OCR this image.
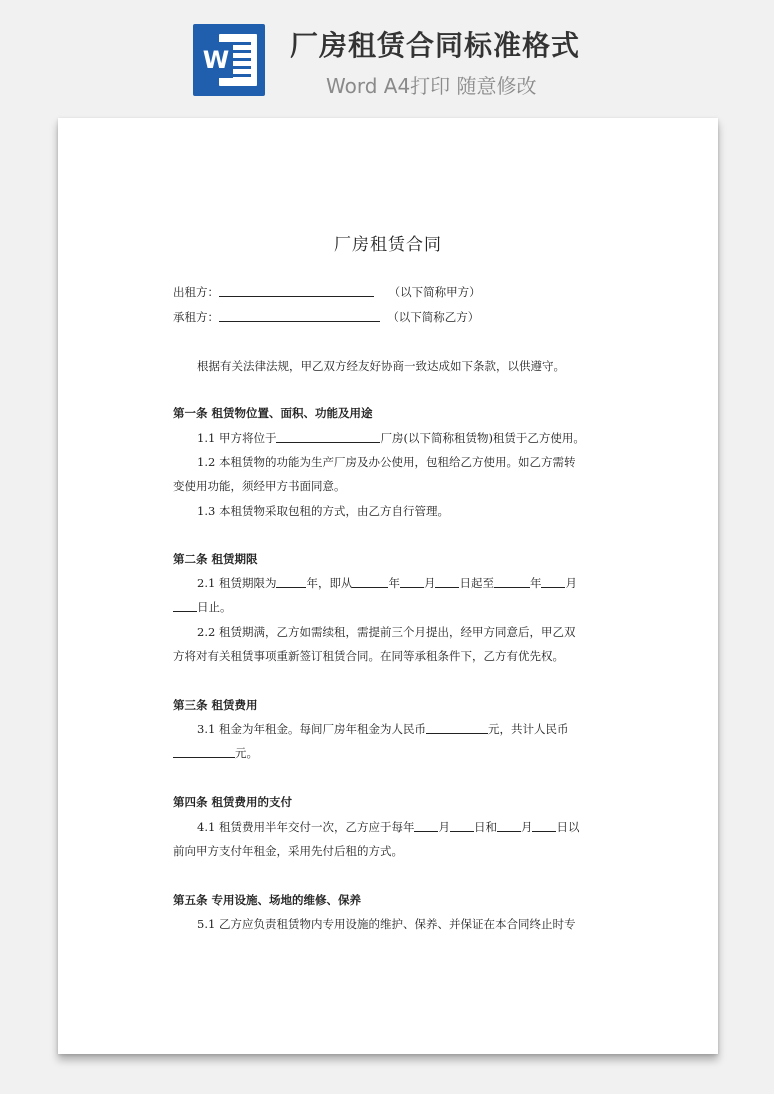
W 厂房租赁合同标准格式
Word A4打印 随意修改

厂房租赁合同
出租方：	（以下简称甲方）
承租方：	（以下简称乙方）
根据有关法律法规，甲乙双方经友好协商一致达成如下条款，以供遵守。
第一条 租赁物位置、面积、功能及用途
1.1 甲方将位于	厂房(以下简称租赁物)租赁于乙方使用。
1.2 本租赁物的功能为生产厂房及办公使用，包租给乙方使用。如乙方需转
变使用功能，须经甲方书面同意。
1.3 本租赁物采取包租的方式，由乙方自行管理。
第二条 租赁期限
2.1 租赁期限为	年，即从	年 月 日起至	年 月
日止。
2.2 租赁期满，乙方如需续租，需提前三个月提出，经甲方同意后，甲乙双
方将对有关租赁事项重新签订租赁合同。在同等承租条件下，乙方有优先权。
第三条 租赁费用
3.1 租金为年租金。每间厂房年租金为人民币	元，共计人民币
元。
第四条 租赁费用的支付
4.1 租赁费用半年交付一次，乙方应于每年 月 日和 月 日以
前向甲方支付年租金，采用先付后租的方式。
第五条 专用设施、场地的维修、保养
5.1 乙方应负责租赁物内专用设施的维护、保养、并保证在本合同终止时专
